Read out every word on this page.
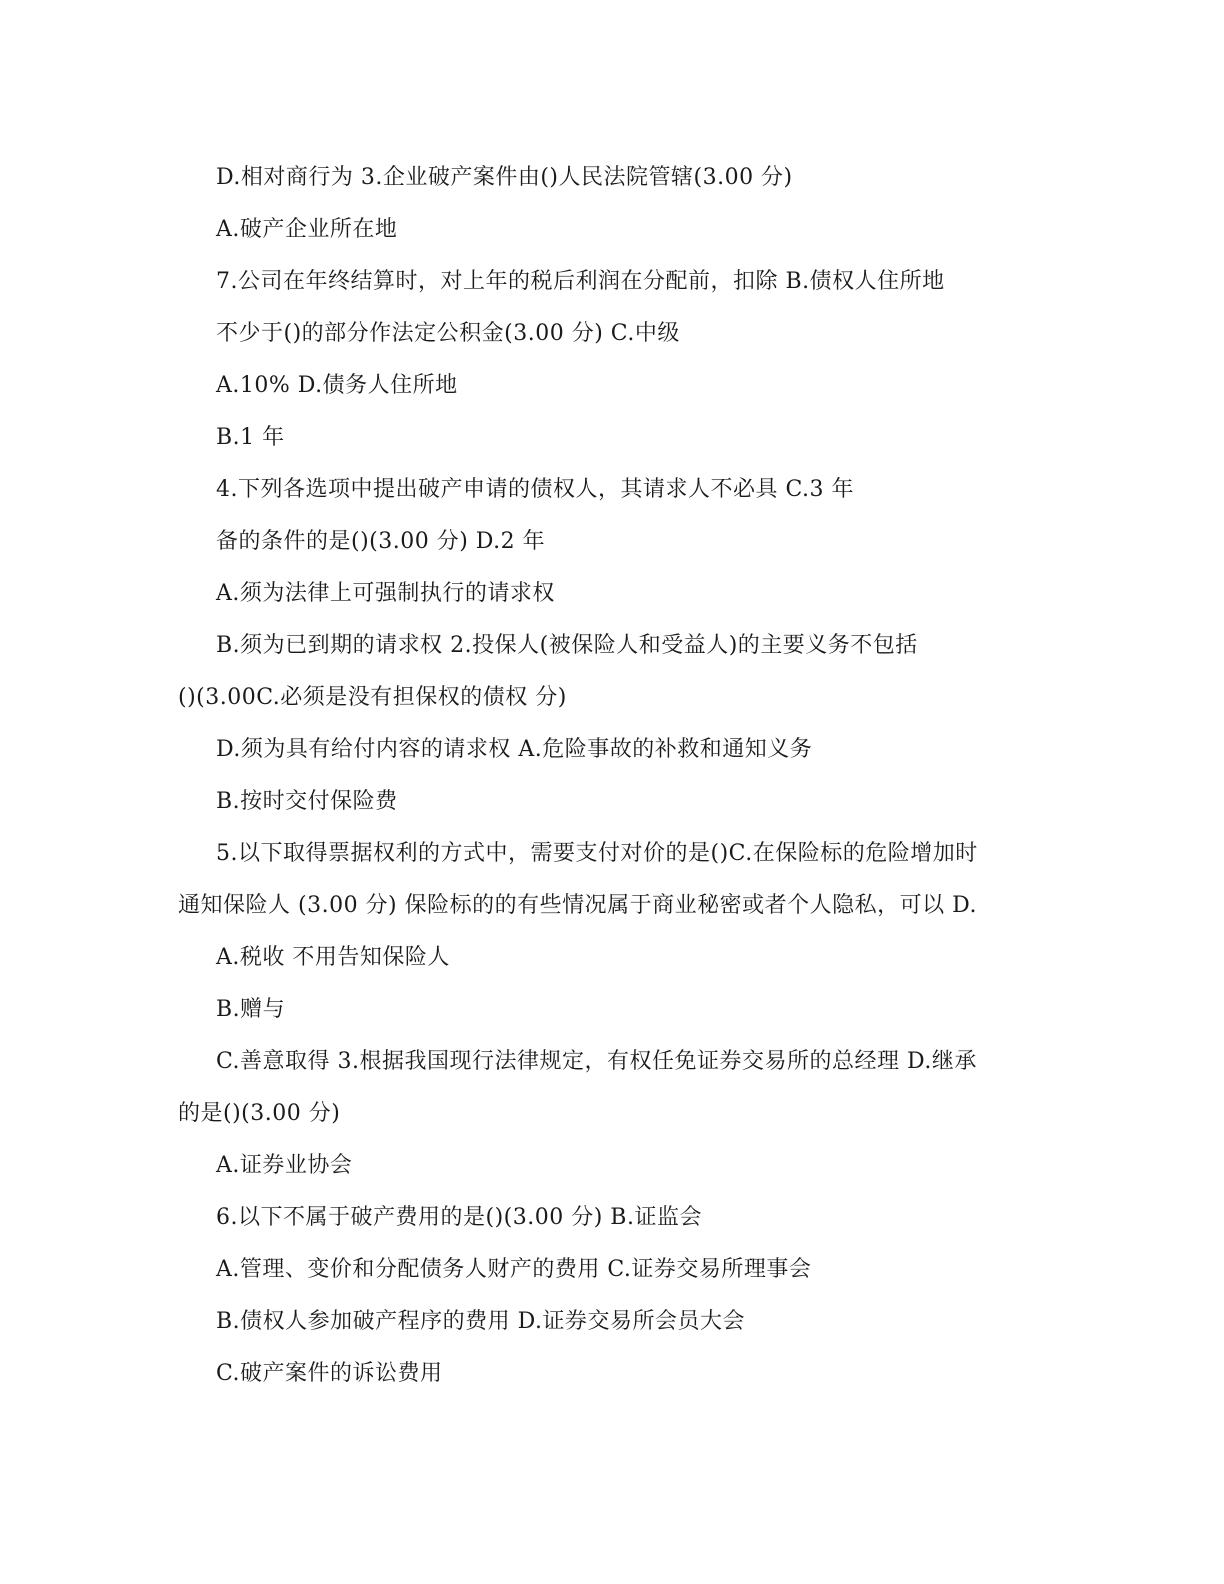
D.相对商行为 3.企业破产案件由()人民法院管辖(3.00 分)
A.破产企业所在地
7.公司在年终结算时，对上年的税后利润在分配前，扣除 B.债权人住所地
不少于()的部分作法定公积金(3.00 分) C.中级
A.10% D.债务人住所地
B.1 年
4.下列各选项中提出破产申请的债权人，其请求人不必具 C.3 年
备的条件的是()(3.00 分) D.2 年
A.须为法律上可强制执行的请求权
B.须为已到期的请求权 2.投保人(被保险人和受益人)的主要义务不包括
()(3.00C.必须是没有担保权的债权 分)
D.须为具有给付内容的请求权 A.危险事故的补救和通知义务
B.按时交付保险费
5.以下取得票据权利的方式中，需要支付对价的是()C.在保险标的危险增加时
通知保险人 (3.00 分) 保险标的的有些情况属于商业秘密或者个人隐私，可以 D.
A.税收 不用告知保险人
B.赠与
C.善意取得 3.根据我国现行法律规定，有权任免证券交易所的总经理 D.继承
的是()(3.00 分)
A.证券业协会
6.以下不属于破产费用的是()(3.00 分) B.证监会
A.管理、变价和分配债务人财产的费用 C.证券交易所理事会
B.债权人参加破产程序的费用 D.证券交易所会员大会
C.破产案件的诉讼费用
